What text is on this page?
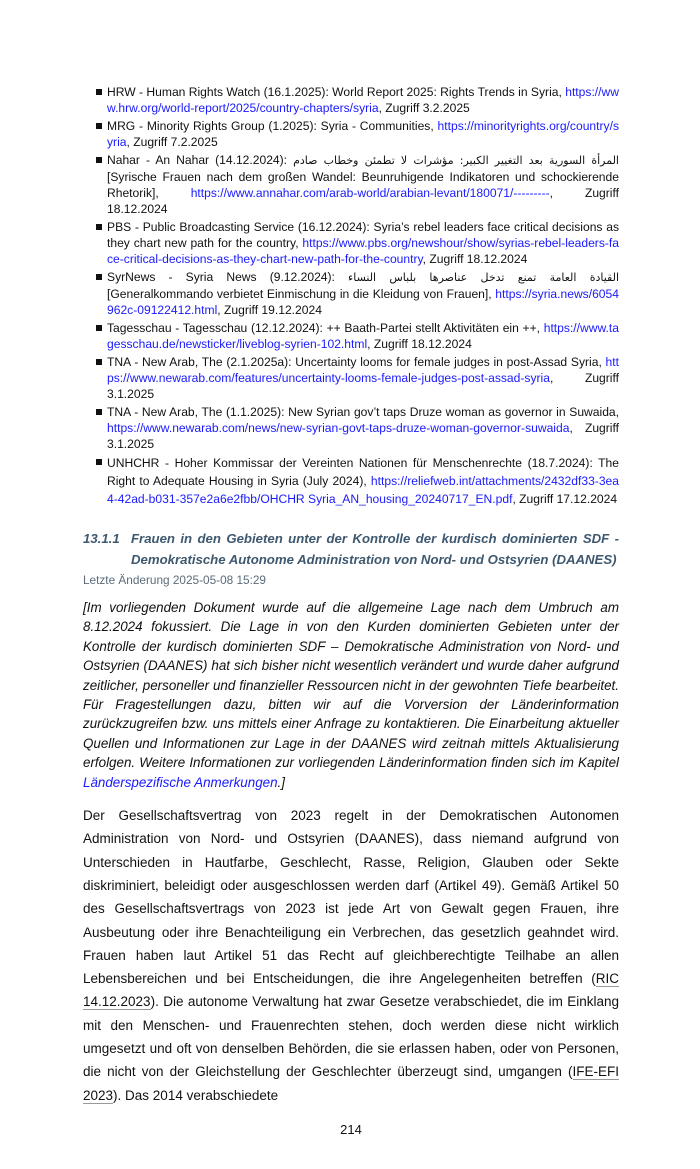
HRW - Human Rights Watch (16.1.2025): World Report 2025: Rights Trends in Syria, https://www.hrw.org/world-report/2025/country-chapters/syria, Zugriff 3.2.2025
MRG - Minority Rights Group (1.2025): Syria - Communities, https://minorityrights.org/country/syria, Zugriff 7.2.2025
Nahar - An Nahar (14.12.2024): المرأة السورية بعد التغيير الكبير: مؤشرات لا تطمئن وخطاب صادم [Syrische Frauen nach dem großen Wandel: Beunruhigende Indikatoren und schockierende Rhetorik], https://www.annahar.com/arab-world/arabian-levant/180071/---------, Zugriff 18.12.2024
PBS - Public Broadcasting Service (16.12.2024): Syria’s rebel leaders face critical decisions as they chart new path for the country, https://www.pbs.org/newshour/show/syrias-rebel-leaders-face-critical-decisions-as-they-chart-new-path-for-the-country, Zugriff 18.12.2024
SyrNews - Syria News (9.12.2024): القيادة العامة تمنع تدخل عناصرها بلباس النساء [Generalkommando verbietet Einmischung in die Kleidung von Frauen], https://syria.news/6054962c-09122412.html, Zugriff 19.12.2024
Tagesschau - Tagesschau (12.12.2024): ++ Baath-Partei stellt Aktivitäten ein ++, https://www.tagesschau.de/newsticker/liveblog-syrien-102.html, Zugriff 18.12.2024
TNA - New Arab, The (2.1.2025a): Uncertainty looms for female judges in post-Assad Syria, https://www.newarab.com/features/uncertainty-looms-female-judges-post-assad-syria, Zugriff 3.1.2025
TNA - New Arab, The (1.1.2025): New Syrian gov’t taps Druze woman as governor in Suwaida, https://www.newarab.com/news/new-syrian-govt-taps-druze-woman-governor-suwaida, Zugriff 3.1.2025
UNHCHR - Hoher Kommissar der Vereinten Nationen für Menschenrechte (18.7.2024): The Right to Adequate Housing in Syria (July 2024), https://reliefweb.int/attachments/2432df33-3ea4-42ad-b031-357e2a6e2fbb/OHCHR Syria_AN_housing_20240717_EN.pdf, Zugriff 17.12.2024
13.1.1 Frauen in den Gebieten unter der Kontrolle der kurdisch dominierten SDF - Demokratische Autonome Administration von Nord- und Ostsyrien (DAANES)
Letzte Änderung 2025-05-08 15:29

[Im vorliegenden Dokument wurde auf die allgemeine Lage nach dem Umbruch am 8.12.2024 fokussiert. Die Lage in von den Kurden dominierten Gebieten unter der Kontrolle der kurdisch dominierten SDF – Demokratische Administration von Nord- und Ostsyrien (DAANES) hat sich bisher nicht wesentlich verändert und wurde daher aufgrund zeitlicher, personeller und finanzieller Ressourcen nicht in der gewohnten Tiefe bearbeitet. Für Fragestellungen dazu, bitten wir auf die Vorversion der Länderinformation zurückzugreifen bzw. uns mittels einer Anfrage zu kontaktieren. Die Einarbeitung aktueller Quellen und Informationen zur Lage in der DAANES wird zeitnah mittels Aktualisierung erfolgen. Weitere Informationen zur vorliegenden Länderinformation finden sich im Kapitel Länderspezifische Anmerkungen.]

Der Gesellschaftsvertrag von 2023 regelt in der Demokratischen Autonomen Administration von Nord- und Ostsyrien (DAANES), dass niemand aufgrund von Unterschieden in Hautfarbe, Geschlecht, Rasse, Religion, Glauben oder Sekte diskriminiert, beleidigt oder ausgeschlossen werden darf (Artikel 49). Gemäß Artikel 50 des Gesellschaftsvertrags von 2023 ist jede Art von Gewalt gegen Frauen, ihre Ausbeutung oder ihre Benachteiligung ein Verbrechen, das gesetzlich geahndet wird. Frauen haben laut Artikel 51 das Recht auf gleichberechtigte Teilhabe an allen Lebensbereichen und bei Entscheidungen, die ihre Angelegenheiten betreffen (RIC 14.12.2023). Die autonome Verwaltung hat zwar Gesetze verabschiedet, die im Einklang mit den Menschen- und Frauenrechten stehen, doch werden diese nicht wirklich umgesetzt und oft von denselben Behörden, die sie erlassen haben, oder von Personen, die nicht von der Gleichstellung der Geschlechter überzeugt sind, umgangen (IFE-EFI 2023). Das 2014 verabschiedete

214
